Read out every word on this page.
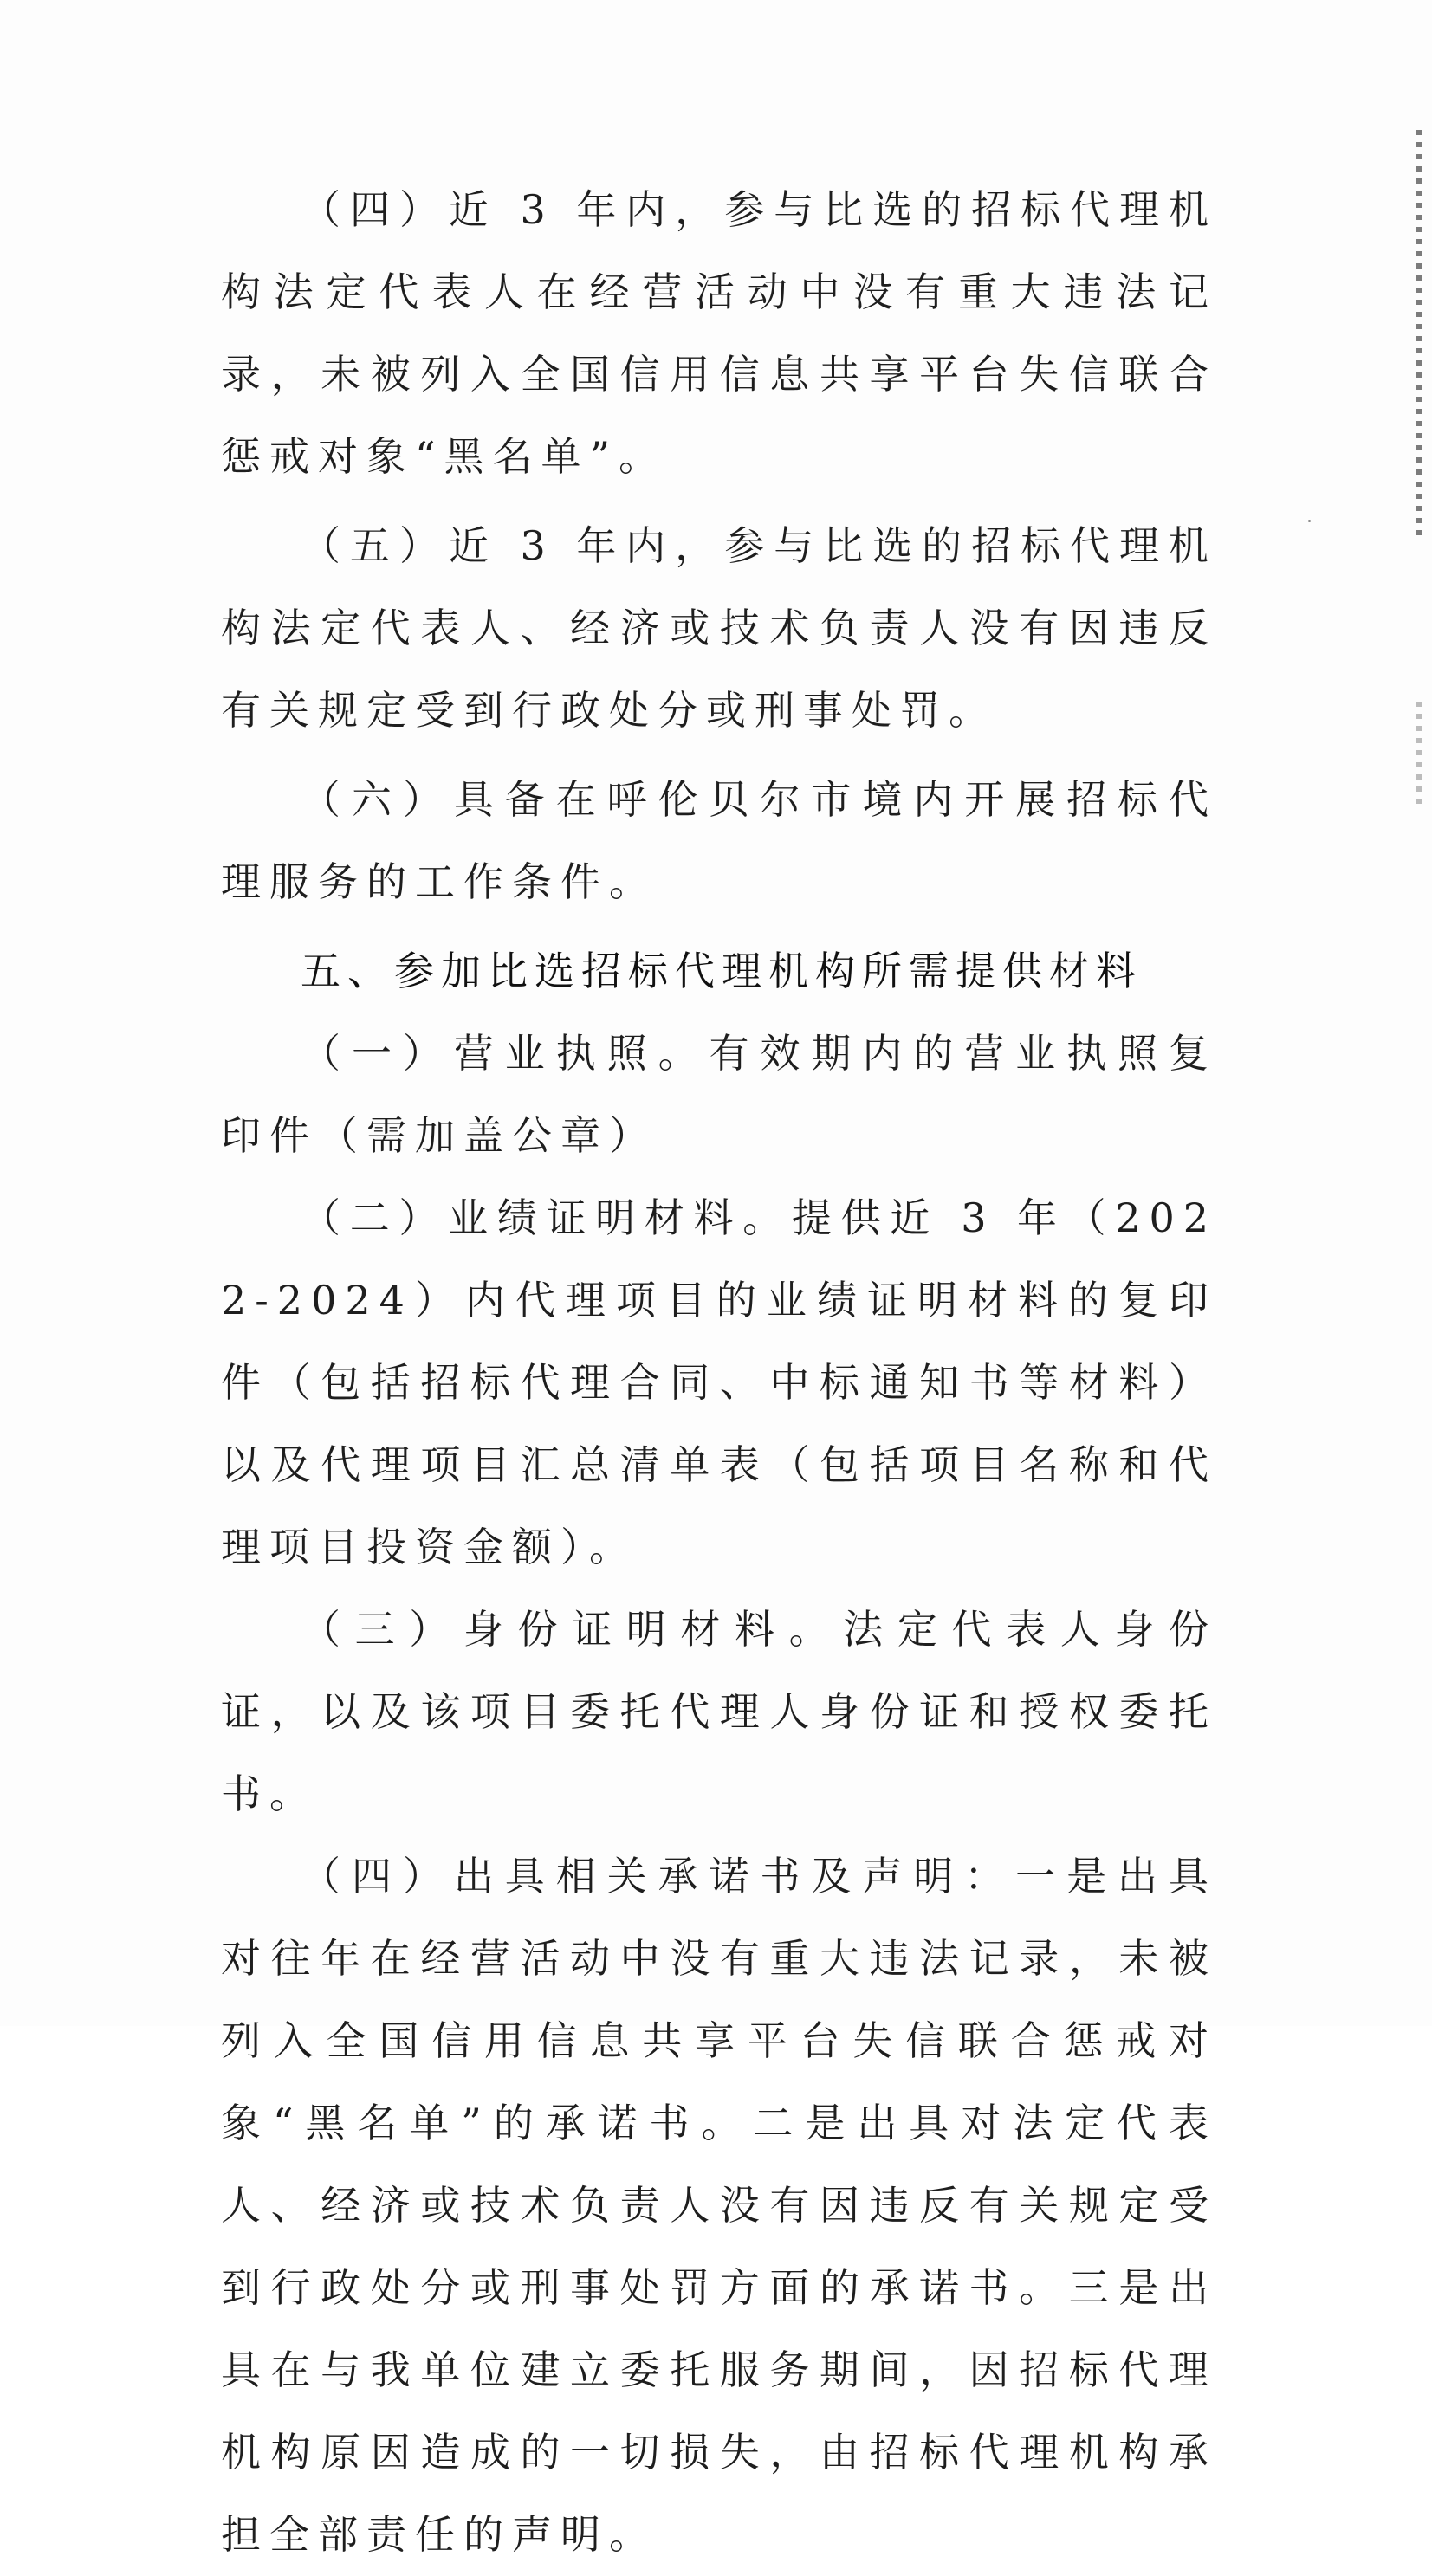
（四）近 3 年内，参与比选的招标代理机构法定代表人在经营活动中没有重大违法记录，未被列入全国信用信息共享平台失信联合惩戒对象“黑名单”。

（五）近 3 年内，参与比选的招标代理机构法定代表人、经济或技术负责人没有因违反有关规定受到行政处分或刑事处罚。

（六）具备在呼伦贝尔市境内开展招标代理服务的工作条件。

五、参加比选招标代理机构所需提供材料

（一）营业执照。有效期内的营业执照复印件（需加盖公章）

（二）业绩证明材料。提供近 3 年（2022-2024）内代理项目的业绩证明材料的复印件（包括招标代理合同、中标通知书等材料）以及代理项目汇总清单表（包括项目名称和代理项目投资金额）。

（三）身份证明材料。法定代表人身份证，以及该项目委托代理人身份证和授权委托书。

（四）出具相关承诺书及声明：一是出具对往年在经营活动中没有重大违法记录，未被列入全国信用信息共享平台失信联合惩戒对象“黑名单”的承诺书。二是出具对法定代表人、经济或技术负责人没有因违反有关规定受到行政处分或刑事处罚方面的承诺书。三是出具在与我单位建立委托服务期间，因招标代理机构原因造成的一切损失，由招标代理机构承担全部责任的声明。
